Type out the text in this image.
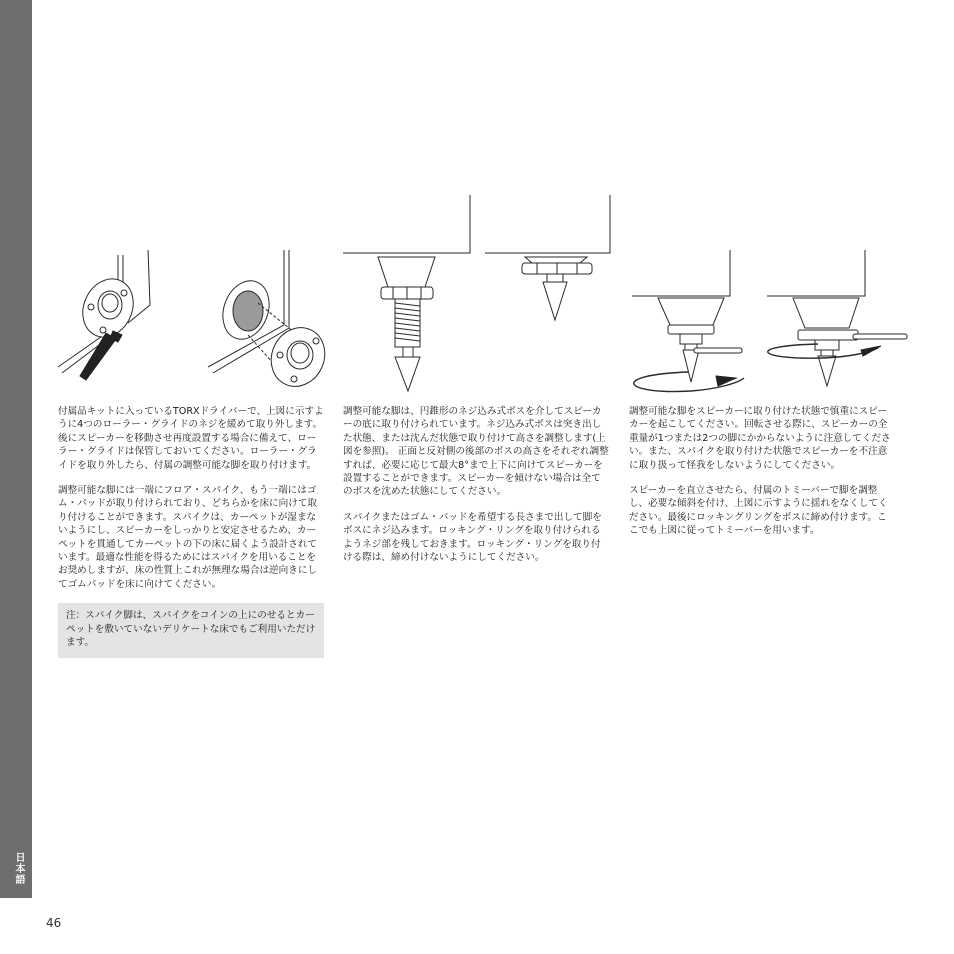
日本語

付属品キットに入っているTORXドライバーで、上図に示すように4つのローラー・グライドのネジを緩めて取り外します。後にスピーカーを移動させ再度設置する場合に備えて、ローラー・グライドは保管しておいてください。ローラー・グライドを取り外したら、付属の調整可能な脚を取り付けます。

調整可能な脚には一端にフロア・スパイク、もう一端にはゴム・パッドが取り付けられており、どちらかを床に向けて取り付けることができます。スパイクは、カーペットが湿まないようにし、スピーカーをしっかりと安定させるため、カーペットを貫通してカーペットの下の床に届くよう設計されています。最適な性能を得るためにはスパイクを用いることをお奨めしますが、床の性質上これが無理な場合は逆向きにしてゴムパッドを床に向けてください。

注：スパイク脚は、スパイクをコインの上にのせるとカーペットを敷いていないデリケートな床でもご利用いただけます。

調整可能な脚は、円錐形のネジ込み式ボスを介してスピーカーの底に取り付けられています。ネジ込み式ボスは突き出した状態、または沈んだ状態で取り付けて高さを調整します(上図を参照)。 正面と反対側の後部のボスの高さをそれぞれ調整すれば、必要に応じて最大8°まで上下に向けてスピーカーを設置することができます。スピーカーを傾けない場合は全てのボスを沈めた状態にしてください。

スパイクまたはゴム・パッドを希望する長さまで出して脚をボスにネジ込みます。ロッキング・リングを取り付けられるようネジ部を残しておきます。ロッキング・リングを取り付ける際は、締め付けないようにしてください。

調整可能な脚をスピーカーに取り付けた状態で慎重にスピーカーを起こしてください。回転させる際に、スピーカーの全重量が1つまたは2つの脚にかからないように注意してください。また、スパイクを取り付けた状態でスピーカーを不注意に取り扱って怪我をしないようにしてください。

スピーカーを直立させたら、付属のトミーバーで脚を調整し、必要な傾斜を付け、上図に示すように揺れをなくしてください。最後にロッキングリングをボスに締め付けます。ここでも上図に従ってトミーバーを用います。

46
